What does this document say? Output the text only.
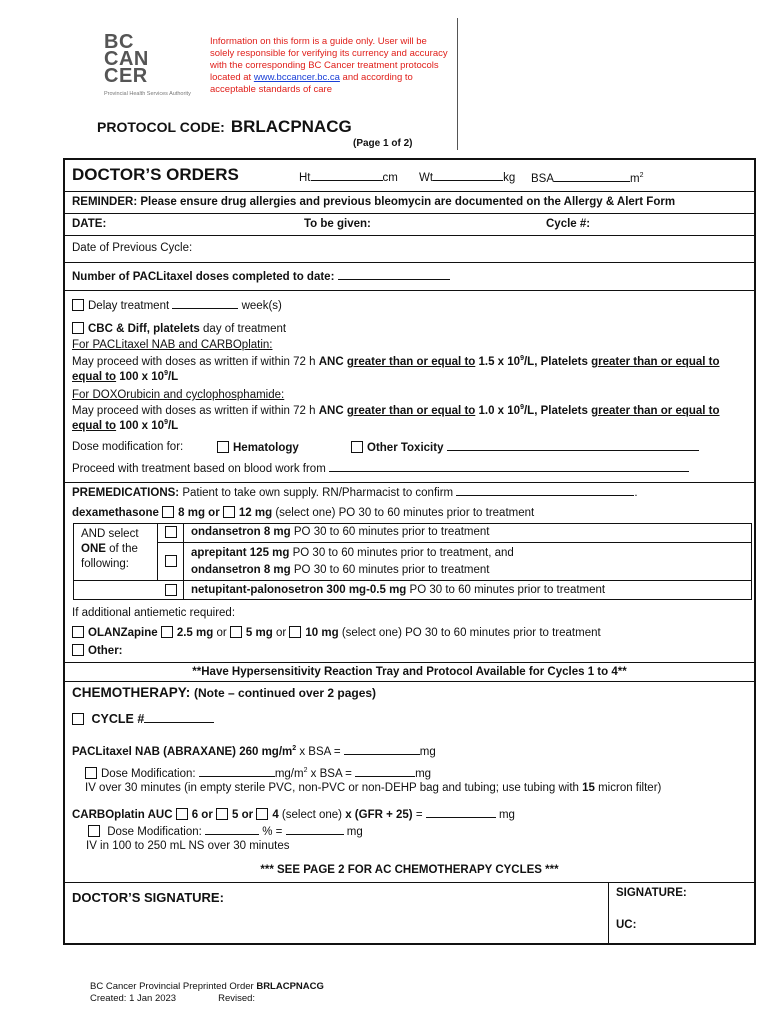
BC
CAN
CER
Provincial Health Services Authority
Information on this form is a guide only. User will be solely responsible for verifying its currency and accuracy with the corresponding BC Cancer treatment protocols located at www.bccancer.bc.ca and according to acceptable standards of care
PROTOCOL CODE: BRLACPNACG
(Page 1 of 2)
DOCTOR’S ORDERS	Ht	cm Wt	kg BSA	$m^2$
REMINDER: Please ensure drug allergies and previous bleomycin are documented on the Allergy & Alert Form
DATE:	To be given:	Cycle #:
Date of Previous Cycle:
Number of PACLitaxel doses completed to date:
Delay treatment	week(s)
CBC & Diff, platelets day of treatment
For PACLitaxel NAB and CARBOplatin:
May proceed with doses as written if within 72 h ANC greater than or equal to 1.5 x $10^9/L$, Platelets greater than or equal to
equal to 100 x $10^9/L$
For DOXOrubicin and cyclophosphamide:
May proceed with doses as written if within 72 h ANC greater than or equal to 1.0 x $10^9/L$, Platelets greater than or equal to
equal to 100 x $10^9/L$
Dose modification for:	Hematology	Other Toxicity
Proceed with treatment based on blood work from
PREMEDICATIONS: Patient to take own supply. RN/Pharmacist to confirm	.
dexamethasone 8 mg or 12 mg (select one) PO 30 to 60 minutes prior to treatment
AND select
ONE of the
following:
ondansetron 8 mg PO 30 to 60 minutes prior to treatment
aprepitant 125 mg PO 30 to 60 minutes prior to treatment, and
ondansetron 8 mg PO 30 to 60 minutes prior to treatment
netupitant-palonosetron 300 mg-0.5 mg PO 30 to 60 minutes prior to treatment
If additional antiemetic required:
OLANZapine 2.5 mg or 5 mg or 10 mg (select one) PO 30 to 60 minutes prior to treatment
Other:
**Have Hypersensitivity Reaction Tray and Protocol Available for Cycles 1 to 4**
CHEMOTHERAPY: (Note – continued over 2 pages)
CYCLE #
PACLitaxel NAB (ABRAXANE) 260 $mg/m^2$ x BSA =	mg
Dose Modification:	$mg/m^2$ x BSA =	mg
IV over 30 minutes (in empty sterile PVC, non-PVC or non-DEHP bag and tubing; use tubing with 15 micron filter)
CARBOplatin AUC 6 or 5 or 4 (select one) x (GFR + 25) =	mg
Dose Modification:	% =	mg
IV in 100 to 250 mL NS over 30 minutes
*** SEE PAGE 2 FOR AC CHEMOTHERAPY CYCLES ***
DOCTOR’S SIGNATURE:	SIGNATURE:
UC:
BC Cancer Provincial Preprinted Order BRLACPNACG
Created: 1 Jan 2023	Revised:
